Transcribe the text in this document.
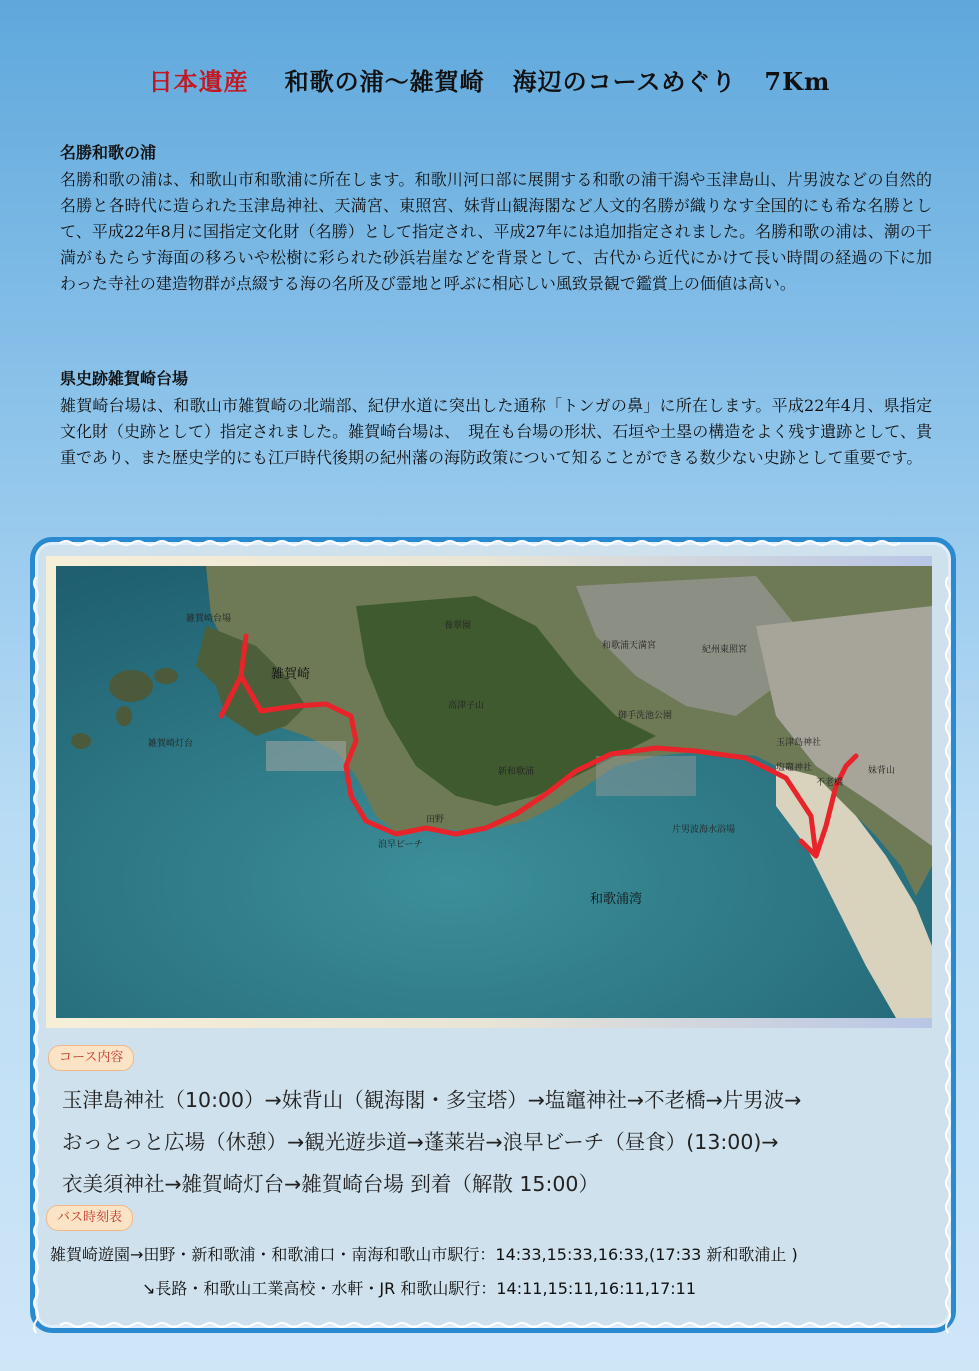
日本遺産 和歌の浦〜雑賀崎 海辺のコースめぐり 7Km
名勝和歌の浦

名勝和歌の浦は、和歌山市和歌浦に所在します。和歌川河口部に展開する和歌の浦干潟や玉津島山、片男波などの自然的名勝と各時代に造られた玉津島神社、天満宮、東照宮、妹背山観海閣など人文的名勝が織りなす全国的にも希な名勝として、平成22年8月に国指定文化財（名勝）として指定され、平成27年には追加指定されました。名勝和歌の浦は、潮の干満がもたらす海面の移ろいや松樹に彩られた砂浜岩崖などを背景として、古代から近代にかけて長い時間の経過の下に加わった寺社の建造物群が点綴する海の名所及び霊地と呼ぶに相応しい風致景観で鑑賞上の価値は高い。

県史跡雑賀崎台場

雑賀崎台場は、和歌山市雑賀崎の北端部、紀伊水道に突出した通称「トンガの鼻」に所在します。平成22年4月、県指定文化財（史跡として）指定されました。雑賀崎台場は、　現在も台場の形状、石垣や土塁の構造をよく残す遺跡として、貴重であり、また歴史学的にも江戸時代後期の紀州藩の海防政策について知ることができる数少ない史跡として重要です。

雑賀崎台場
雑賀崎
雑賀崎灯台
養翠園
高津子山
和歌浦天満宮	紀州東照宮
御手洗池公園
新和歌浦
田野
浪早ビーチ
玉津島神社
塩竈神社
不老橋
妹背山
片男波海水浴場
和歌浦湾
コース内容
玉津島神社（10:00）→妹背山（観海閣・多宝塔）→塩竈神社→不老橋→片男波→
おっとっと広場（休憩）→観光遊歩道→蓬莱岩→浪早ビーチ（昼食）(13:00)→
衣美須神社→雑賀崎灯台→雑賀崎台場 到着（解散 15:00）
バス時刻表
雑賀崎遊園→田野・新和歌浦・和歌浦口・南海和歌山市駅行：14:33,15:33,16:33,(17:33 新和歌浦止 )
↘長路・和歌山工業高校・水軒・JR 和歌山駅行：14:11,15:11,16:11,17:11
